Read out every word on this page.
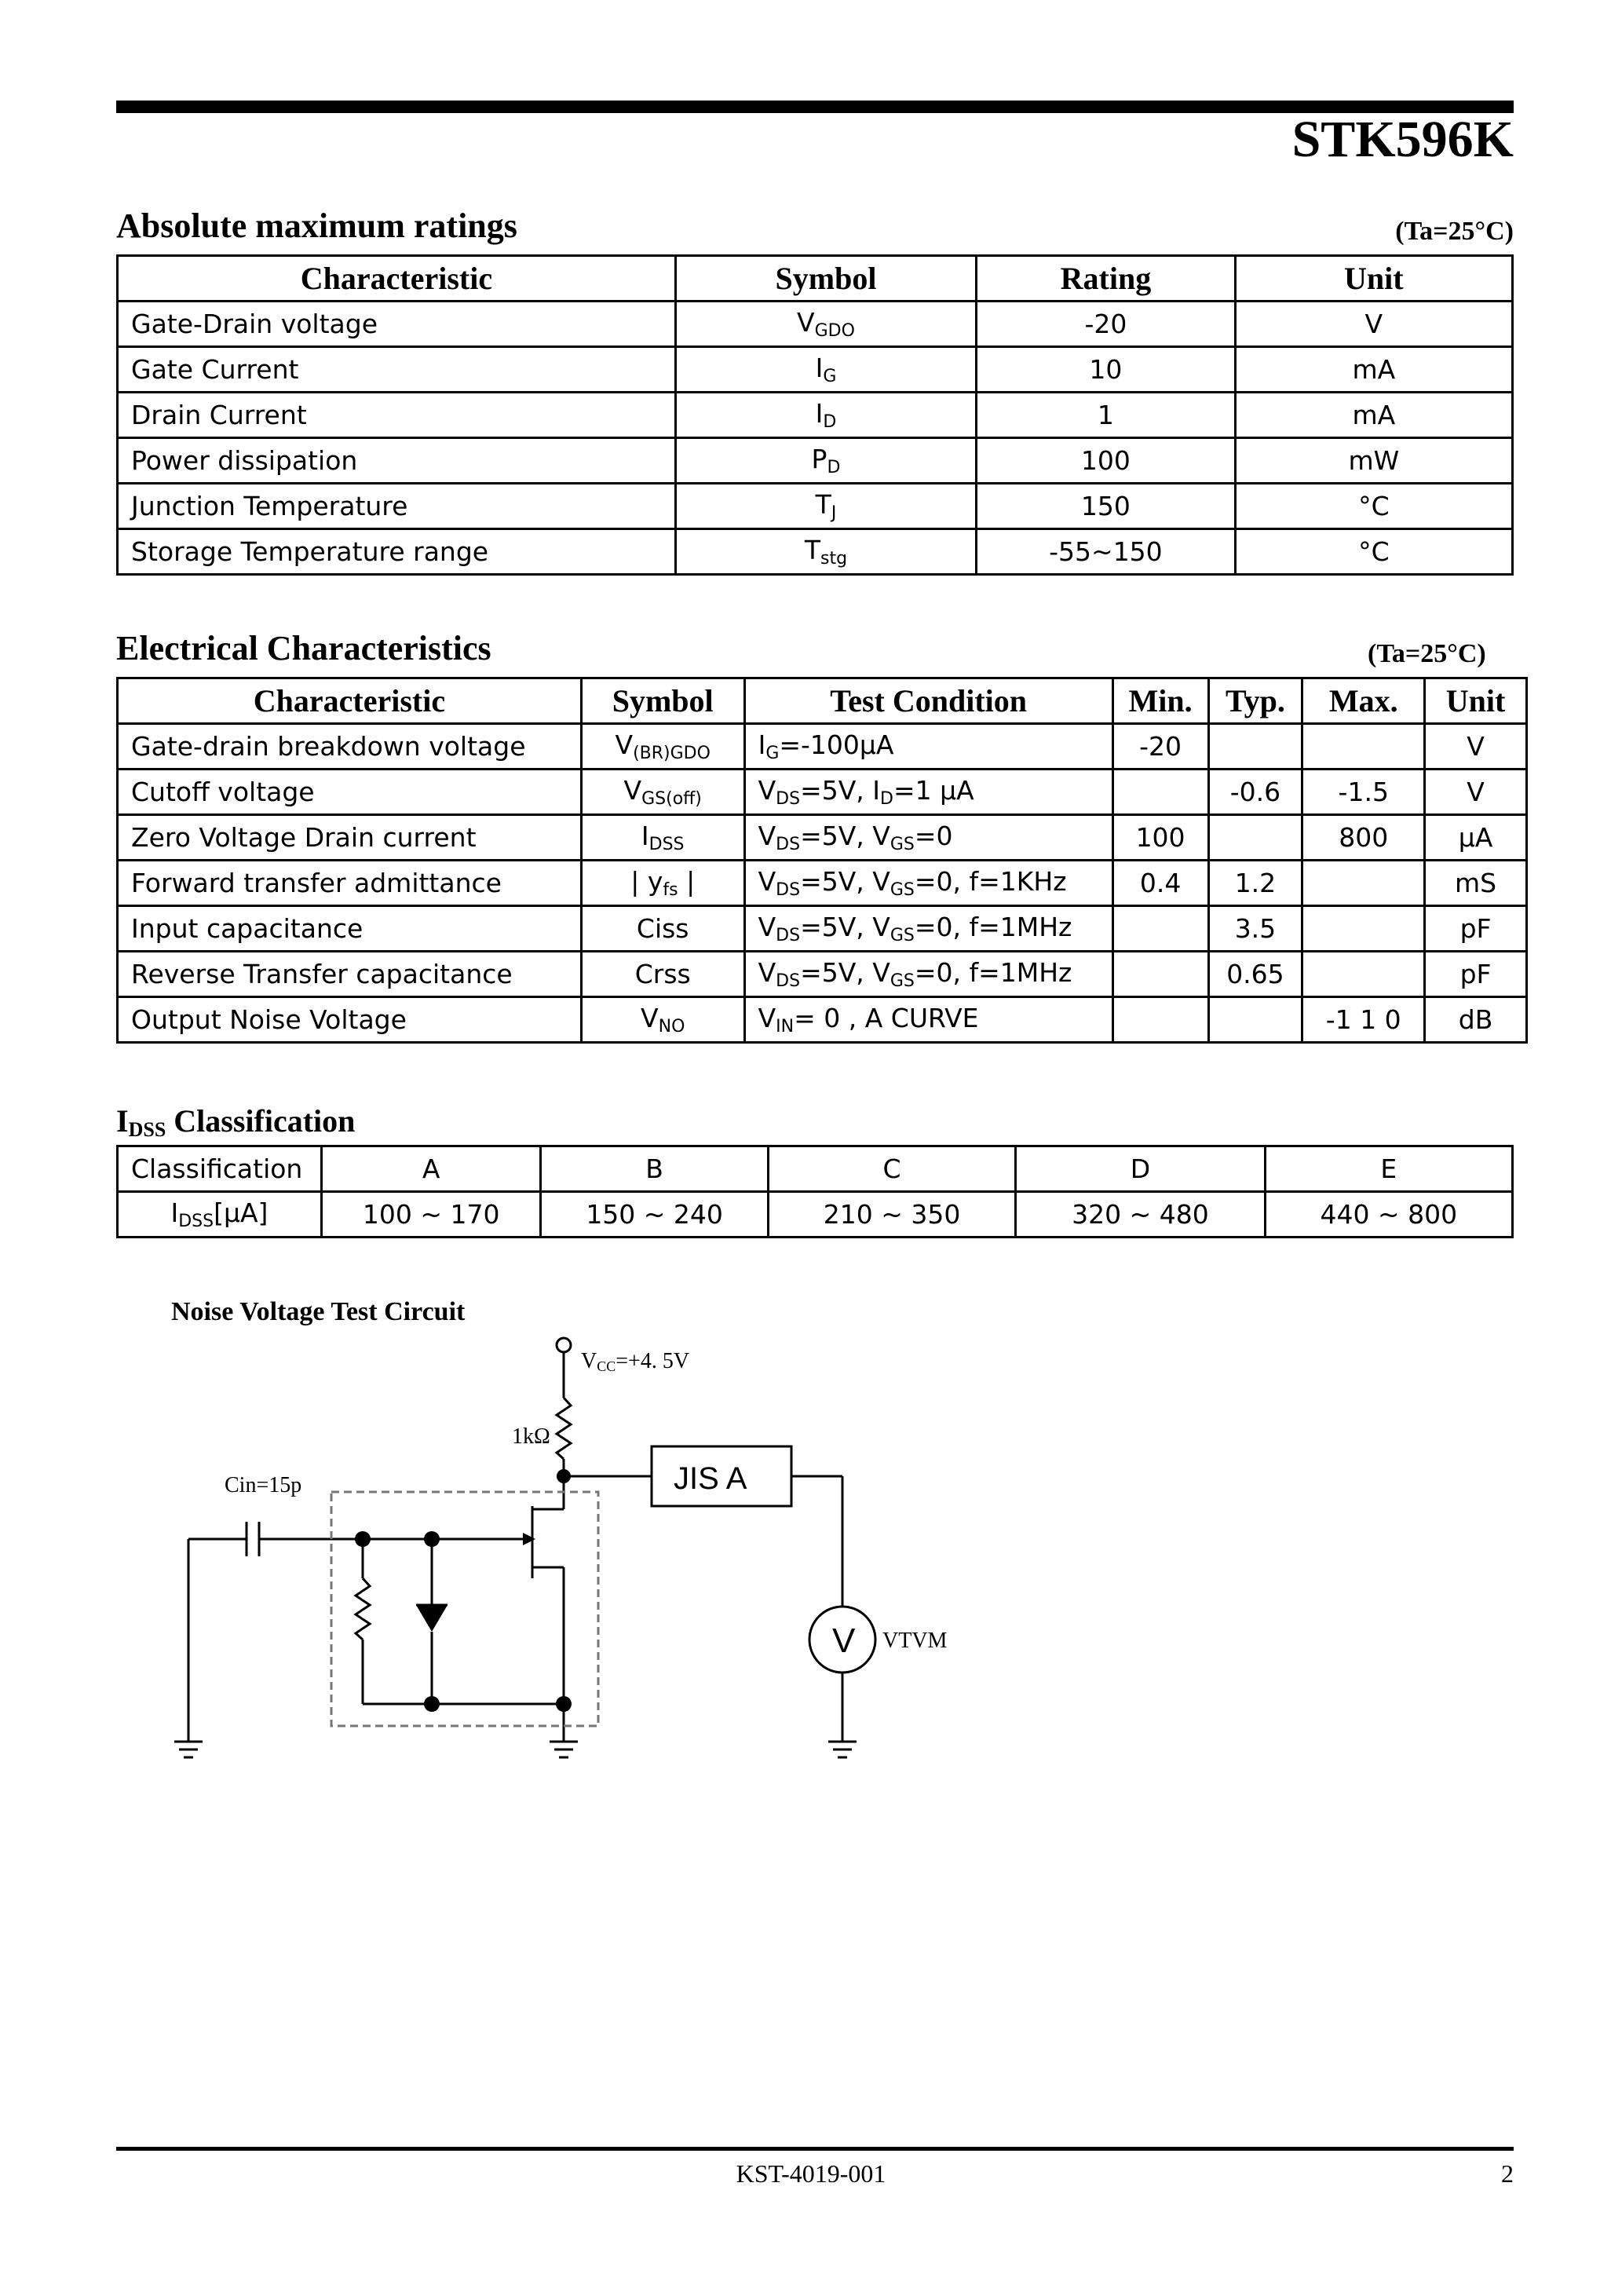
STK596K
Absolute maximum ratings	(Ta=25°C)
Characteristic	Symbol	Rating	Unit
Gate-Drain voltage	$V_{GDO}$	-20	V
Gate Current	$I_G$	10	mA
Drain Current	$I_D$	1	mA
Power dissipation	$P_D$	100	mW
Junction Temperature	$T_J$	150	°C
Storage Temperature range	$T_{stg}$	-55~150	°C
Electrical Characteristics	(Ta=25°C)
Characteristic	Symbol	Test Condition	Min.	Typ.	Max.	Unit
Gate-drain breakdown voltage	$V_{(BR)GDO}$	$I_G=-100\mu A$	-20			V
Cutoff voltage	$V_{GS(off)}$	$V_{DS}=5V$, $I_D=1$ μA		-0.6	-1.5	V
Zero Voltage Drain current	$I_{DSS}$	$V_{DS}=5V$, $V_{GS}=0$	100		800	μA
Forward transfer admittance	| $y_{fs}$ |	$V_{DS}=5V$, $V_{GS}=0$, f=1KHz	0.4	1.2		mS
Input capacitance	Ciss	$V_{DS}=5V$, $V_{GS}=0$, f=1MHz		3.5		pF
Reverse Transfer capacitance	Crss	$V_{DS}=5V$, $V_{GS}=0$, f=1MHz		0.65		pF
Output Noise Voltage	$V_{NO}$	$V_{IN}= 0$ , A CURVE			-1 1 0	dB
$I_{DSS}$ Classification
Classification	A	B	C	D	E
$I_{DSS}[\mu A]$	100 ~ 170	150 ~ 240	210 ~ 350	320 ~ 480	440 ~ 800
Noise Voltage Test Circuit
VCC=+4. 5V
1kΩ
Cin=15p	JIS A
V VTVM
KST-4019-001	2
